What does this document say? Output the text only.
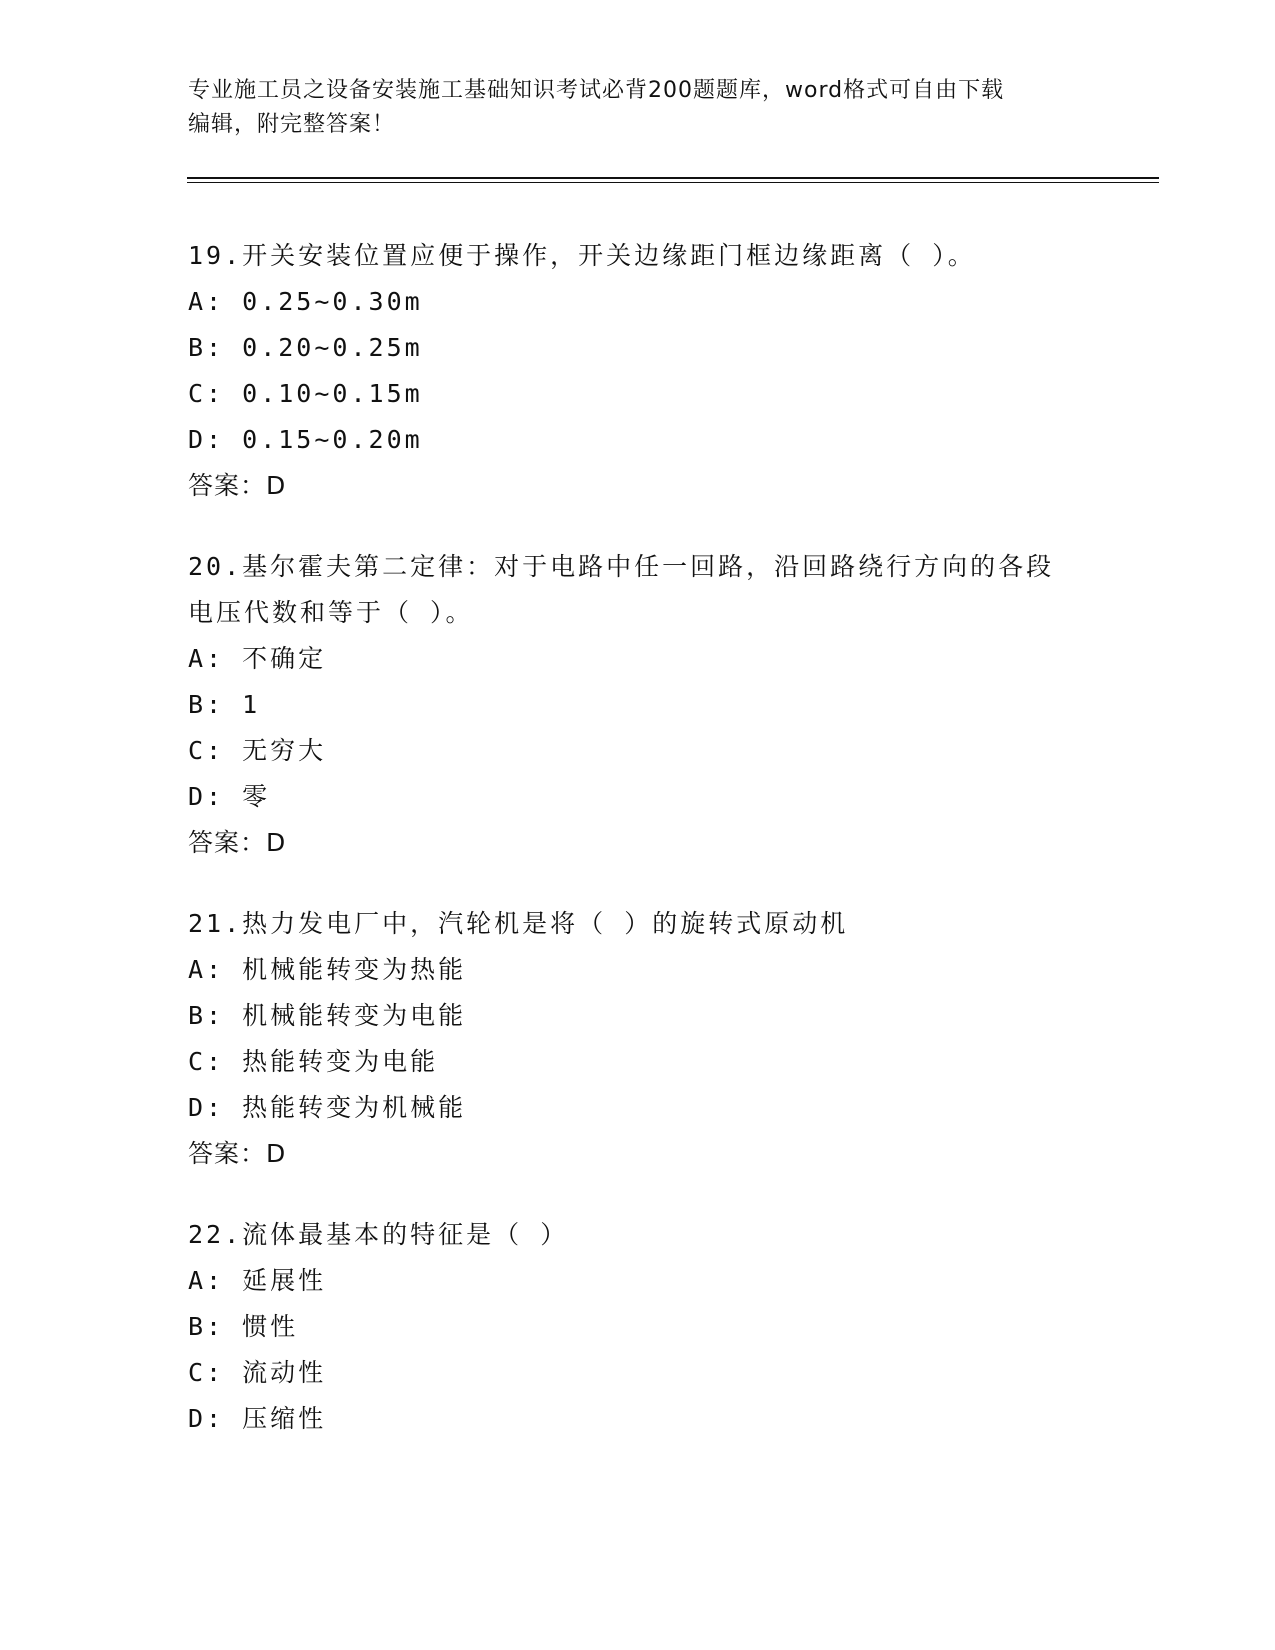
专业施工员之设备安装施工基础知识考试必背200题题库，word格式可自由下载
编辑，附完整答案！
19.开关安装位置应便于操作，开关边缘距门框边缘距离（ ）。
A: 0.25~0.30m
B: 0.20~0.25m
C: 0.10~0.15m
D: 0.15~0.20m
答案：D
20.基尔霍夫第二定律：对于电路中任一回路，沿回路绕行方向的各段电压代数和等于（ ）。
A: 不确定
B: 1
C: 无穷大
D: 零
答案：D
21.热力发电厂中，汽轮机是将（ ）的旋转式原动机
A: 机械能转变为热能
B: 机械能转变为电能
C: 热能转变为电能
D: 热能转变为机械能
答案：D
22.流体最基本的特征是（ ）
A: 延展性
B: 惯性
C: 流动性
D: 压缩性
